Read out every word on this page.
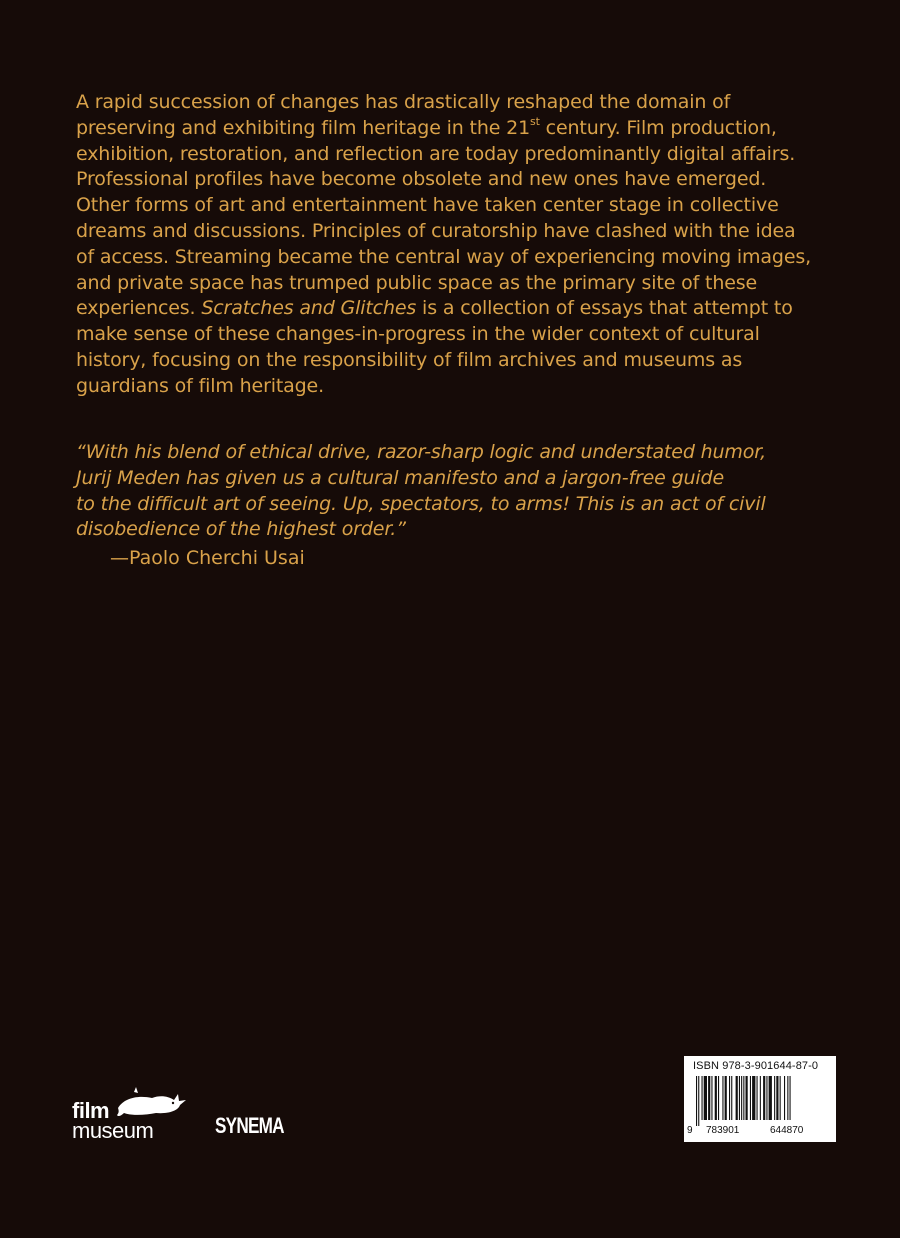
A rapid succession of changes has drastically reshaped the domain of
preserving and exhibiting film heritage in the 21st century. Film production,
exhibition, restoration, and reflection are today predominantly digital affairs.
Professional profiles have become obsolete and new ones have emerged.
Other forms of art and entertainment have taken center stage in collective
dreams and discussions. Principles of curatorship have clashed with the idea
of access. Streaming became the central way of experiencing moving images,
and private space has trumped public space as the primary site of these
experiences. Scratches and Glitches is a collection of essays that attempt to
make sense of these changes-in-progress in the wider context of cultural
history, focusing on the responsibility of film archives and museums as
guardians of film heritage.

“With his blend of ethical drive, razor-sharp logic and understated humor,
Jurij Meden has given us a cultural manifesto and a jargon-free guide
to the difficult art of seeing. Up, spectators, to arms! This is an act of civil
disobedience of the highest order.”

—Paolo Cherchi Usai
film
museum	SYNEMA
ISBN 978-3-901644-87-0
9 783901	644870
